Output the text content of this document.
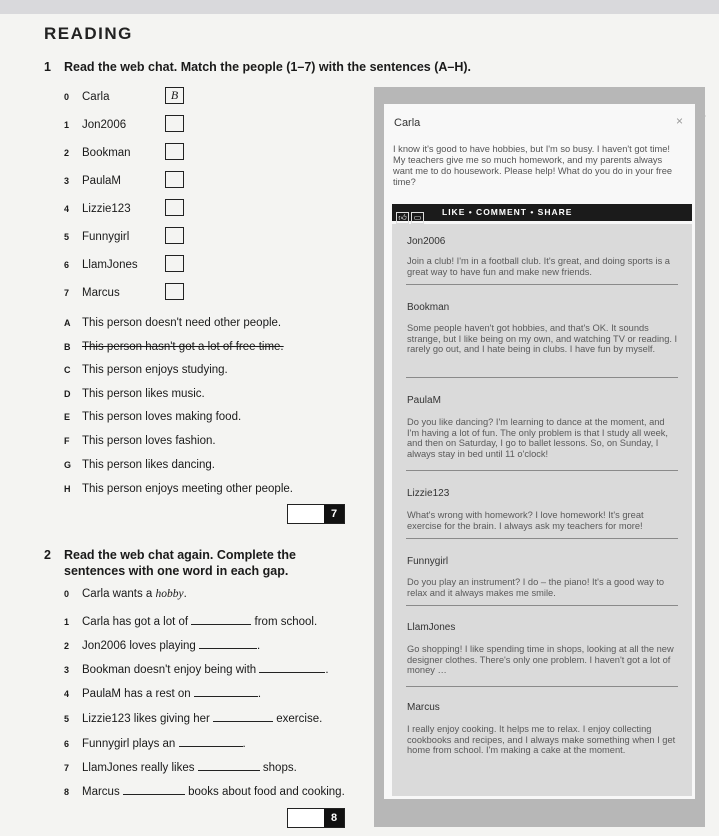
READING
1 Read the web chat. Match the people (1–7) with the sentences (A–H).
0 Carla	B
1 Jon2006
2 Bookman
3 PaulaM
4 Lizzie123
5 Funnygirl
6 LlamJones
7 Marcus
A This person doesn't need other people.
B This person hasn't got a lot of free time.
C This person enjoys studying.
D This person likes music.
E This person loves making food.
F This person loves fashion.
G This person likes dancing.
H This person enjoys meeting other people.
7
2 Read the web chat again. Complete the
sentences with one word in each gap.
0 Carla wants a hobby.
1 Carla has got a lot of	from school.
2 Jon2006 loves playing	.
3 Bookman doesn't enjoy being with	.
4 PaulaM has a rest on	.
5 Lizzie123 likes giving her	exercise.
6 Funnygirl plays an	.
7 LlamJones really likes	shops.
8 Marcus	books about food and cooking.
8
×
Carla
I know it's good to have hobbies, but I'm so busy. I haven't got time! My teachers give me so much homework, and my parents always want me to do housework. Please help! What do you do in your free time?
👍︎ ▭
LIKE • COMMENT • SHARE
Jon2006
Join a club! I'm in a football club. It's great, and doing sports is a great way to have fun and make new friends.
Bookman
Some people haven't got hobbies, and that's OK. It sounds strange, but I like being on my own, and watching TV or reading. I rarely go out, and I hate being in clubs. I have fun by myself.
PaulaM
Do you like dancing? I'm learning to dance at the moment, and I'm having a lot of fun. The only problem is that I study all week, and then on Saturday, I go to ballet lessons. So, on Sunday, I always stay in bed until 11 o'clock!
Lizzie123
What's wrong with homework? I love homework! It's great exercise for the brain. I always ask my teachers for more!
Funnygirl
Do you play an instrument? I do – the piano! It's a good way to relax and it always makes me smile.
LlamJones
Go shopping! I like spending time in shops, looking at all the new designer clothes. There's only one problem. I haven't got a lot of money …
Marcus
I really enjoy cooking. It helps me to relax. I enjoy collecting cookbooks and recipes, and I always make something when I get home from school. I'm making a cake at the moment.
